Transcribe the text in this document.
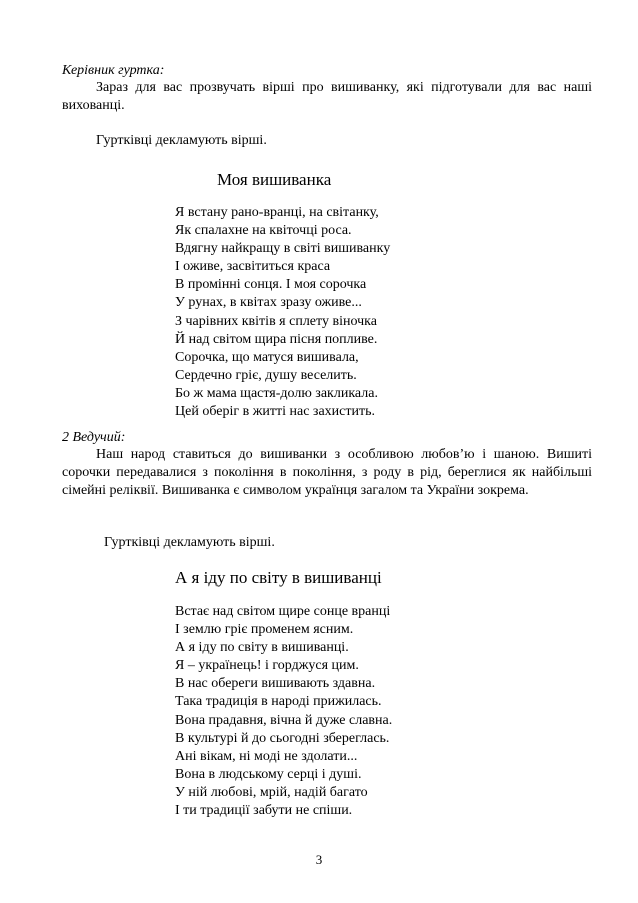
Керівник гуртка:

Зараз для вас прозвучать вірші про вишиванку, які підготували для вас наші вихованці.

Гуртківці декламують вірші.
Моя вишиванка
Я встану рано-вранці, на світанку,
Як спалахне на квіточці роса.
Вдягну найкращу в світі вишиванку
І оживе, засвітиться краса
В промінні сонця. І моя сорочка
У рунах, в квітах зразу оживе...
З чарівних квітів я сплету віночка
Й над світом щира пісня попливе.
Сорочка, що матуся вишивала,
Сердечно гріє, душу веселить.
Бо ж мама щастя-долю закликала.
Цей оберіг в житті нас захистить.
2 Ведучий:

Наш народ ставиться до вишиванки з особливою любов’ю і шаною. Вишиті сорочки передавалися з покоління в покоління, з роду в рід, береглися як найбільші сімейні реліквії. Вишиванка є символом українця загалом та України зокрема.

Гуртківці декламують вірші.
А я іду по світу в вишиванці
Встає над світом щире сонце вранці
І землю гріє променем ясним.
А я іду по світу в вишиванці.
Я – українець! і горджуся цим.
В нас обереги вишивають здавна.
Така традиція в народі прижилась.
Вона прадавня, вічна й дуже славна.
В культурі й до сьогодні збереглась.
Ані вікам, ні моді не здолати...
Вона в людському серці і душі.
У ній любові, мрій, надій багато
І ти традиції забути не спіши.
3
